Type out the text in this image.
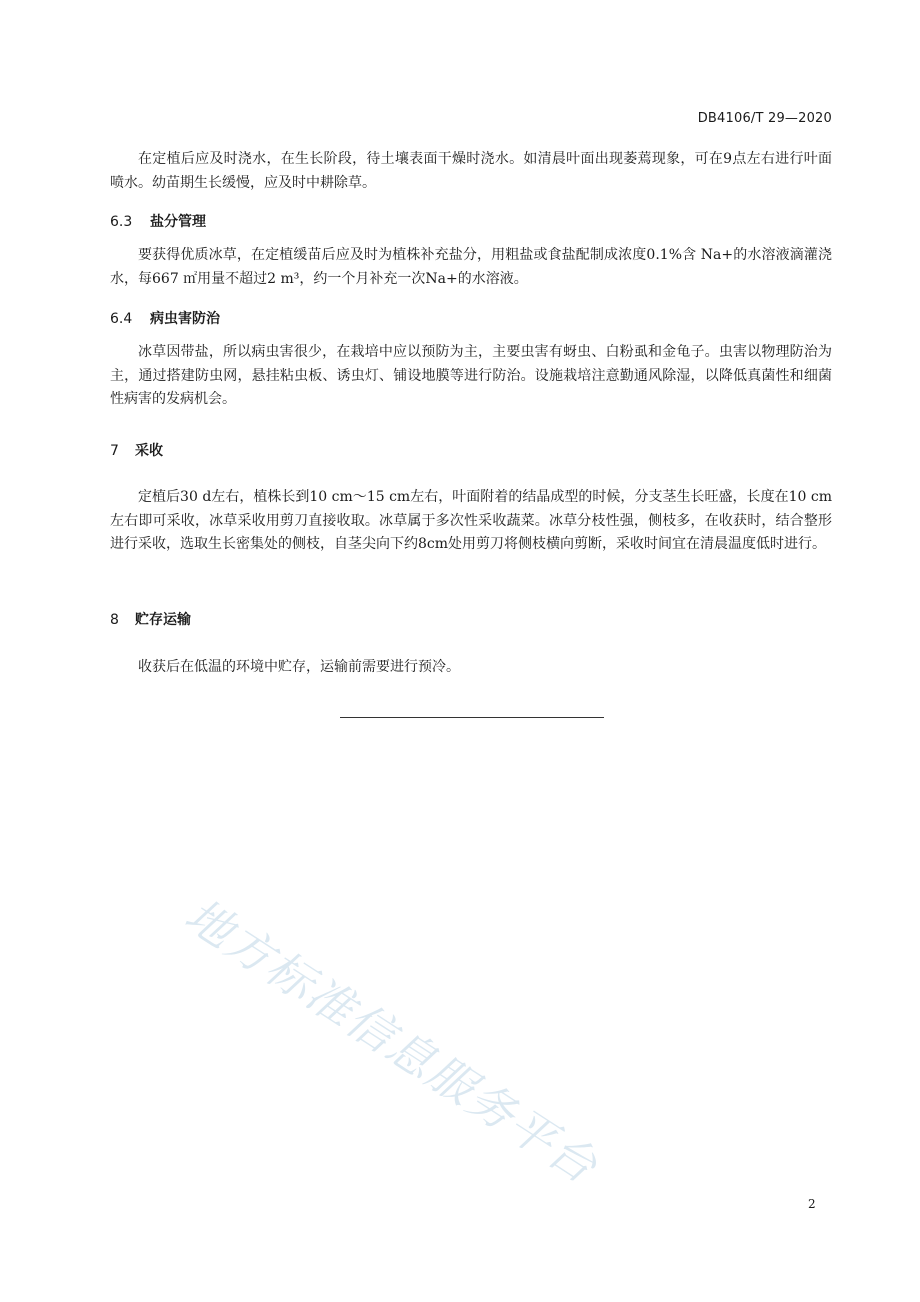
DB4106/T 29—2020

在定植后应及时浇水，在生长阶段，待土壤表面干燥时浇水。如清晨叶面出现萎蔫现象，可在9点左右进行叶面喷水。幼苗期生长缓慢，应及时中耕除草。

6.3 盐分管理

要获得优质冰草，在定植缓苗后应及时为植株补充盐分，用粗盐或食盐配制成浓度0.1%含 Na+的水溶液滴灌浇水，每667 ㎡用量不超过2 m³，约一个月补充一次Na+的水溶液。

6.4 病虫害防治

冰草因带盐，所以病虫害很少，在栽培中应以预防为主，主要虫害有蚜虫、白粉虱和金龟子。虫害以物理防治为主，通过搭建防虫网，悬挂粘虫板、诱虫灯、铺设地膜等进行防治。设施栽培注意勤通风除湿，以降低真菌性和细菌性病害的发病机会。

7 采收

定植后30 d左右，植株长到10 cm～15 cm左右，叶面附着的结晶成型的时候，分支茎生长旺盛，长度在10 cm左右即可采收，冰草采收用剪刀直接收取。冰草属于多次性采收蔬菜。冰草分枝性强，侧枝多，在收获时，结合整形进行采收，选取生长密集处的侧枝，自茎尖向下约8cm处用剪刀将侧枝横向剪断，采收时间宜在清晨温度低时进行。

8 贮存运输

收获后在低温的环境中贮存，运输前需要进行预冷。

地方标准信息服务平台
2
